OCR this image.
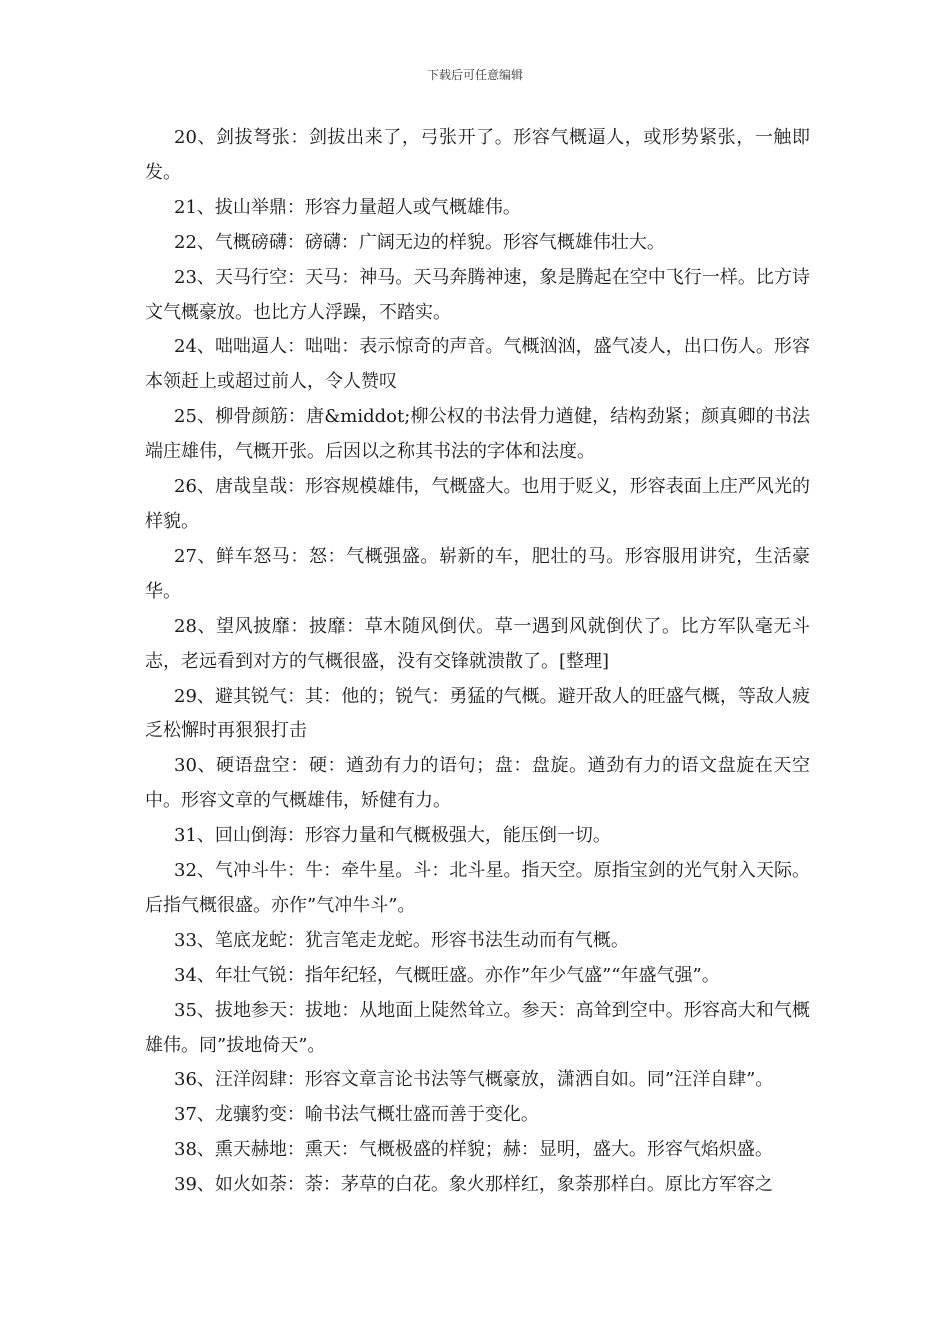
下载后可任意编辑

20、剑拔弩张：剑拔出来了，弓张开了。形容气概逼人，或形势紧张，一触即发。

21、拔山举鼎：形容力量超人或气概雄伟。

22、气概磅礴：磅礴：广阔无边的样貌。形容气概雄伟壮大。

23、天马行空：天马：神马。天马奔腾神速，象是腾起在空中飞行一样。比方诗文气概豪放。也比方人浮躁，不踏实。

24、咄咄逼人：咄咄：表示惊奇的声音。气概汹汹，盛气凌人，出口伤人。形容本领赶上或超过前人，令人赞叹

25、柳骨颜筋：唐&middot;柳公权的书法骨力遒健，结构劲紧；颜真卿的书法端庄雄伟，气概开张。后因以之称其书法的字体和法度。

26、唐哉皇哉：形容规模雄伟，气概盛大。也用于贬义，形容表面上庄严风光的样貌。

27、鲜车怒马：怒：气概强盛。崭新的车，肥壮的马。形容服用讲究，生活豪华。

28、望风披靡：披靡：草木随风倒伏。草一遇到风就倒伏了。比方军队毫无斗志，老远看到对方的气概很盛，没有交锋就溃散了。[整理]

29、避其锐气：其：他的；锐气：勇猛的气概。避开敌人的旺盛气概，等敌人疲乏松懈时再狠狠打击

30、硬语盘空：硬：遒劲有力的语句；盘：盘旋。遒劲有力的语文盘旋在天空中。形容文章的气概雄伟，矫健有力。

31、回山倒海：形容力量和气概极强大，能压倒一切。

32、气冲斗牛：牛：牵牛星。斗：北斗星。指天空。原指宝剑的光气射入天际。后指气概很盛。亦作”气冲牛斗”。

33、笔底龙蛇：犹言笔走龙蛇。形容书法生动而有气概。

34、年壮气锐：指年纪轻，气概旺盛。亦作”年少气盛”“年盛气强”。

35、拔地参天：拔地：从地面上陡然耸立。参天：高耸到空中。形容高大和气概雄伟。同”拔地倚天”。

36、汪洋闳肆：形容文章言论书法等气概豪放，潇洒自如。同”汪洋自肆”。

37、龙骧豹变：喻书法气概壮盛而善于变化。

38、熏天赫地：熏天：气概极盛的样貌；赫：显明，盛大。形容气焰炽盛。

39、如火如荼：荼：茅草的白花。象火那样红，象荼那样白。原比方军容之
